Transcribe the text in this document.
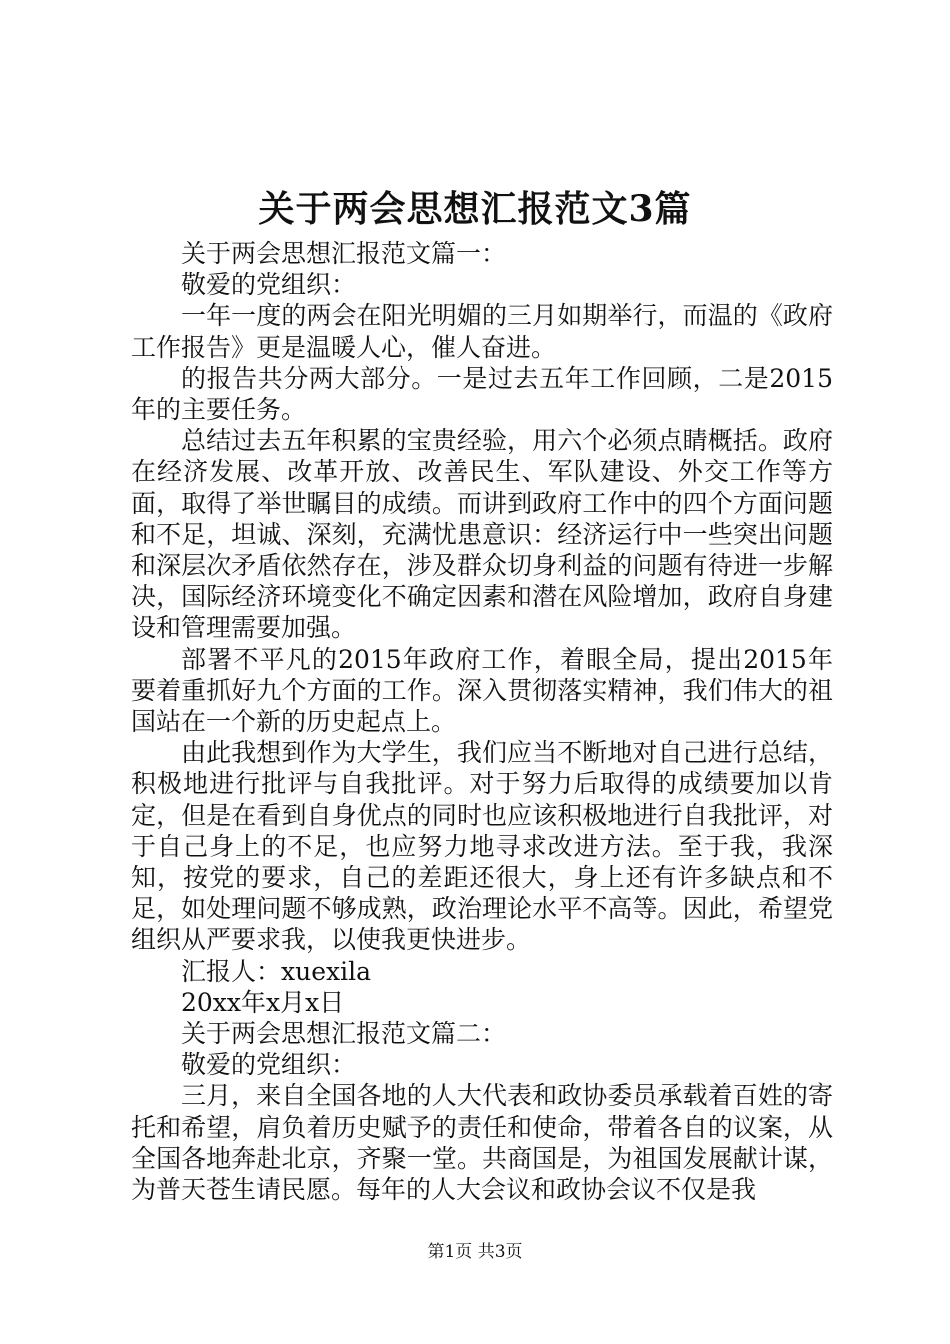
关于两会思想汇报范文3篇

关于两会思想汇报范文篇一：

敬爱的党组织：

一年一度的两会在阳光明媚的三月如期举行，而温的《政府工作报告》更是温暖人心，催人奋进。

的报告共分两大部分。一是过去五年工作回顾，二是2015年的主要任务。

总结过去五年积累的宝贵经验，用六个必须点睛概括。政府在经济发展、改革开放、改善民生、军队建设、外交工作等方面，取得了举世瞩目的成绩。而讲到政府工作中的四个方面问题和不足，坦诚、深刻，充满忧患意识：经济运行中一些突出问题和深层次矛盾依然存在，涉及群众切身利益的问题有待进一步解决，国际经济环境变化不确定因素和潜在风险增加，政府自身建设和管理需要加强。

部署不平凡的2015年政府工作，着眼全局，提出2015年要着重抓好九个方面的工作。深入贯彻落实精神，我们伟大的祖国站在一个新的历史起点上。

由此我想到作为大学生，我们应当不断地对自己进行总结，积极地进行批评与自我批评。对于努力后取得的成绩要加以肯定，但是在看到自身优点的同时也应该积极地进行自我批评，对于自己身上的不足，也应努力地寻求改进方法。至于我，我深知，按党的要求，自己的差距还很大，身上还有许多缺点和不足，如处理问题不够成熟，政治理论水平不高等。因此，希望党组织从严要求我，以使我更快进步。

汇报人：xuexila

20xx年x月x日

关于两会思想汇报范文篇二：

敬爱的党组织：

三月，来自全国各地的人大代表和政协委员承载着百姓的寄托和希望，肩负着历史赋予的责任和使命，带着各自的议案，从全国各地奔赴北京，齐聚一堂。共商国是，为祖国发展献计谋，为普天苍生请民愿。每年的人大会议和政协会议不仅是我

第1页 共3页
